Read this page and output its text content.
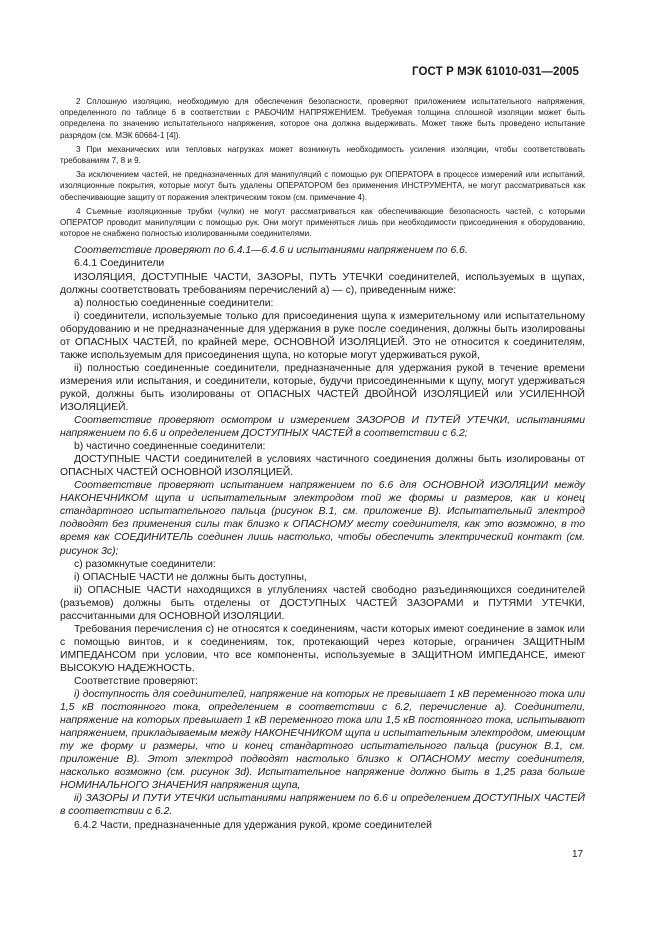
ГОСТ Р МЭК 61010-031—2005

2 Сплошную изоляцию, необходимую для обеспечения безопасности, проверяют приложением испытательного напряжения, определенного по таблице 6 в соответствии с РАБОЧИМ НАПРЯЖЕНИЕМ. Требуемая толщина сплошной изоляции может быть определена по значению испытательного напряжения, которое она должна выдерживать. Может также быть проведено испытание разрядом (см. МЭК 60664-1 [4]).

3 При механических или тепловых нагрузках может возникнуть необходимость усиления изоляции, чтобы соответствовать требованиям 7, 8 и 9.

За исключением частей, не предназначенных для манипуляций с помощью рук ОПЕРАТОРА в процессе измерений или испытаний, изоляционные покрытия, которые могут быть удалены ОПЕРАТОРОМ без применения ИНСТРУМЕНТА, не могут рассматриваться как обеспечивающие защиту от поражения электрическим током (см. примечание 4).

4 Съемные изоляционные трубки (чулки) не могут рассматриваться как обеспечивающие безопасность частей, с которыми ОПЕРАТОР проводит манипуляции с помощью рук. Они могут применяться лишь при необходимости присоединения к оборудованию, которое не снабжено полностью изолированными соединителями.

Соответствие проверяют по 6.4.1—6.4.6 и испытаниями напряжением по 6.6.

6.4.1 Соединители

ИЗОЛЯЦИЯ, ДОСТУПНЫЕ ЧАСТИ, ЗАЗОРЫ, ПУТЬ УТЕЧКИ соединителей, используемых в щупах, должны соответствовать требованиям перечислений а) — с), приведенным ниже:

а) полностью соединенные соединители:

i) соединители, используемые только для присоединения щупа к измерительному или испытательному оборудованию и не предназначенные для удержания в руке после соединения, должны быть изолированы от ОПАСНЫХ ЧАСТЕЙ, по крайней мере, ОСНОВНОЙ ИЗОЛЯЦИЕЙ. Это не относится к соединителям, также используемым для присоединения щупа, но которые могут удерживаться рукой,

ii) полностью соединенные соединители, предназначенные для удержания рукой в течение времени измерения или испытания, и соединители, которые, будучи присоединенными к щупу, могут удерживаться рукой, должны быть изолированы от ОПАСНЫХ ЧАСТЕЙ ДВОЙНОЙ ИЗОЛЯЦИЕЙ или УСИЛЕННОЙ ИЗОЛЯЦИЕЙ.

Соответствие проверяют осмотром и измерением ЗАЗОРОВ И ПУТЕЙ УТЕЧКИ, испытаниями напряжением по 6.6 и определением ДОСТУПНЫХ ЧАСТЕЙ в соответствии с 6.2;

b) частично соединенные соединители:

ДОСТУПНЫЕ ЧАСТИ соединителей в условиях частичного соединения должны быть изолированы от ОПАСНЫХ ЧАСТЕЙ ОСНОВНОЙ ИЗОЛЯЦИЕЙ.

Соответствие проверяют испытанием напряжением по 6.6 для ОСНОВНОЙ ИЗОЛЯЦИИ между НАКОНЕЧНИКОМ щупа и испытательным электродом той же формы и размеров, как и конец стандартного испытательного пальца (рисунок В.1, см. приложение В). Испытательный электрод подводят без применения силы так близко к ОПАСНОМУ месту соединителя, как это возможно, в то время как СОЕДИНИТЕЛЬ соединен лишь настолько, чтобы обеспечить электрический контакт (см. рисунок 3с);

с) разомкнутые соединители:

i) ОПАСНЫЕ ЧАСТИ не должны быть доступны,

ii) ОПАСНЫЕ ЧАСТИ находящихся в углублениях частей свободно разъединяющихся соединителей (разъемов) должны быть отделены от ДОСТУПНЫХ ЧАСТЕЙ ЗАЗОРАМИ и ПУТЯМИ УТЕЧКИ, рассчитанными для ОСНОВНОЙ ИЗОЛЯЦИИ.

Требования перечисления с) не относятся к соединениям, части которых имеют соединение в замок или с помощью винтов, и к соединениям, ток, протекающий через которые, ограничен ЗАЩИТНЫМ ИМПЕДАНСОМ при условии, что все компоненты, используемые в ЗАЩИТНОМ ИМПЕДАНСЕ, имеют ВЫСОКУЮ НАДЕЖНОСТЬ.

Соответствие проверяют:

i) доступность для соединителей, напряжение на которых не превышает 1 кВ переменного тока или 1,5 кВ постоянного тока, определением в соответствии с 6.2, перечисление а). Соединители, напряжение на которых превышает 1 кВ переменного тока или 1,5 кВ постоянного тока, испытывают напряжением, прикладываемым между НАКОНЕЧНИКОМ щупа и испытательным электродом, имеющим ту же форму и размеры, что и конец стандартного испытательного пальца (рисунок В.1, см. приложение В). Этот электрод подводят настолько близко к ОПАСНОМУ месту соединителя, насколько возможно (см. рисунок 3d). Испытательное напряжение должно быть в 1,25 раза больше НОМИНАЛЬНОГО ЗНАЧЕНИЯ напряжения щупа,

ii) ЗАЗОРЫ И ПУТИ УТЕЧКИ испытаниями напряжением по 6.6 и определением ДОСТУПНЫХ ЧАСТЕЙ в соответствии с 6.2.

6.4.2 Части, предназначенные для удержания рукой, кроме соединителей

17
